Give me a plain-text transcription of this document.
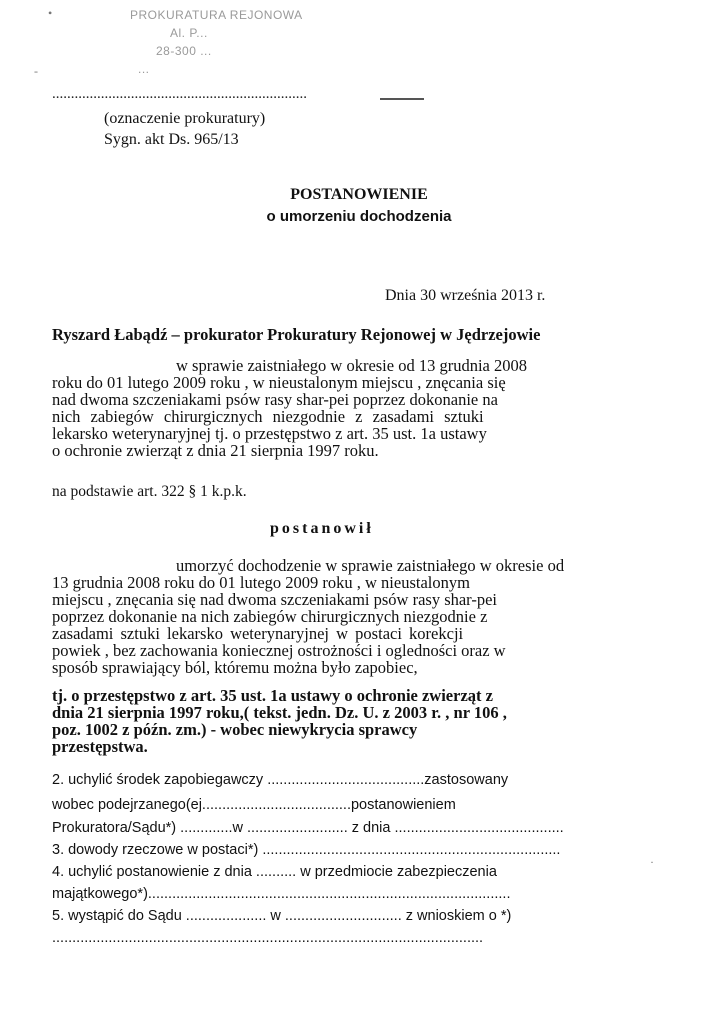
PROKURATURA REJONOWA
Al. P...
28-300 ...
...
•
-
....................................................................
(oznaczenie prokuratury)
Sygn. akt Ds. 965/13
POSTANOWIENIE
o umorzeniu dochodzenia
Dnia 30 września 2013 r.
Ryszard Łabądź – prokurator Prokuratury Rejonowej w Jędrzejowie
w sprawie zaistniałego w okresie od 13 grudnia 2008
roku do 01 lutego 2009 roku , w nieustalonym miejscu , znęcania się
nad dwoma szczeniakami psów rasy shar-pei poprzez dokonanie na
nich zabiegów chirurgicznych niezgodnie z zasadami sztuki
lekarsko weterynaryjnej tj. o przestępstwo z art. 35 ust. 1a ustawy
o ochronie zwierząt z dnia 21 sierpnia 1997 roku.
na podstawie art. 322 § 1 k.p.k.
postanowił
umorzyć dochodzenie w sprawie zaistniałego w okresie od
13 grudnia 2008 roku do 01 lutego 2009 roku , w nieustalonym
miejscu , znęcania się nad dwoma szczeniakami psów rasy shar-pei
poprzez dokonanie na nich zabiegów chirurgicznych niezgodnie z
zasadami sztuki lekarsko weterynaryjnej w postaci korekcji
powiek , bez zachowania koniecznej ostrożności i ogledności oraz w
sposób sprawiający ból, któremu można było zapobiec,
tj. o przestępstwo z art. 35 ust. 1a ustawy o ochronie zwierząt z
dnia 21 sierpnia 1997 roku,( tekst. jedn. Dz. U. z 2003 r. , nr 106 ,
poz. 1002 z późn. zm.) - wobec niewykrycia sprawcy
przestępstwa.
2. uchylić środek zapobiegawczy .......................................zastosowany
wobec podejrzanego(ej.....................................postanowieniem
Prokuratora/Sądu*) .............w ......................... z dnia ..........................................
3. dowody rzeczowe w postaci*) ..........................................................................
4. uchylić postanowienie z dnia .......... w przedmiocie zabezpieczenia
majątkowego*)..........................................................................................
5. wystąpić do Sądu .................... w ............................. z wnioskiem o *)
...........................................................................................................
·
